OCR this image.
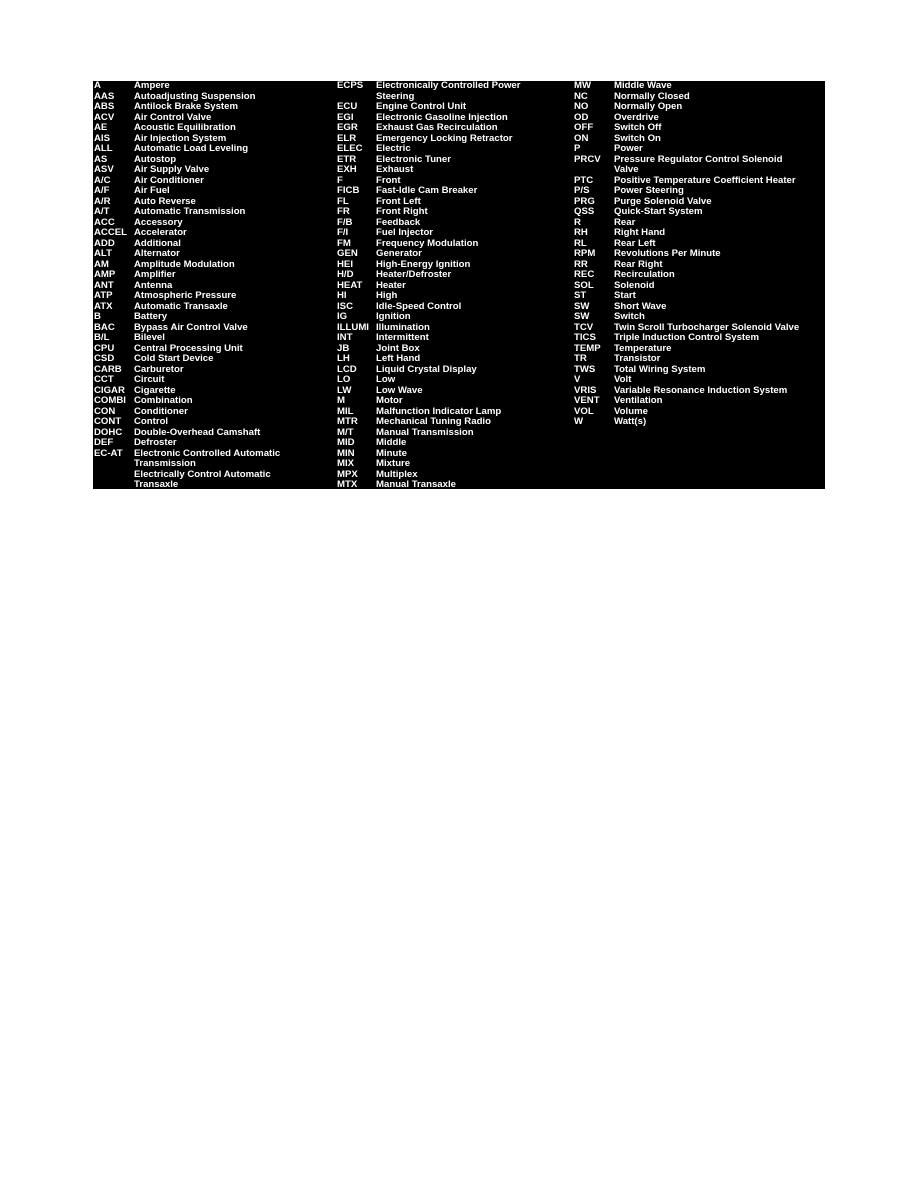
A	Ampere
AAS Autoadjusting Suspension
ABS Antilock Brake System
ACV Air Control Valve
AE	Acoustic Equilibration
AIS	Air Injection System
ALL Automatic Load Leveling
AS	Autostop
ASV Air Supply Valve
A/C Air Conditioner
A/F	Air Fuel
A/R Auto Reverse
A/T	Automatic Transmission
ACC Accessory
ACCEL Accelerator
ADD Additional
ALT Alternator
AM	Amplitude Modulation
AMP Amplifier
ANT Antenna
ATP Atmospheric Pressure
ATX Automatic Transaxle
B	Battery
BAC Bypass Air Control Valve
B/L	Bilevel
CPU Central Processing Unit
CSD Cold Start Device
CARB Carburetor
CCT Circuit
CIGAR Cigarette
COMBI Combination
CON Conditioner
CONT Control
DOHC Double-Overhead Camshaft
DEF Defroster
EC-AT Electronic Controlled Automatic
Transmission
Electrically Control Automatic
Transaxle
ECPS Electronically Controlled Power
Steering
ECU Engine Control Unit
EGI Electronic Gasoline Injection
EGR Exhaust Gas Recirculation
ELR Emergency Locking Retractor
ELEC Electric
ETR Electronic Tuner
EXH Exhaust
F	Front
FICB Fast-Idle Cam Breaker
FL	Front Left
FR	Front Right
F/B Feedback
F/I	Fuel Injector
FM	Frequency Modulation
GEN Generator
HEI High-Energy Ignition
H/D Heater/Defroster
HEAT Heater
HI	High
ISC Idle-Speed Control
IG	Ignition
ILLUMI Illumination
INT Intermittent
JB	Joint Box
LH	Left Hand
LCD Liquid Crystal Display
LO	Low
LW	Low Wave
M	Motor
MIL Malfunction Indicator Lamp
MTR Mechanical Tuning Radio
M/T Manual Transmission
MID Middle
MIN Minute
MIX Mixture
MPX Multiplex
MTX Manual Transaxle
MW Middle Wave
NC	Normally Closed
NO	Normally Open
OD	Overdrive
OFF Switch Off
ON	Switch On
P	Power
PRCV Pressure Regulator Control Solenoid
Valve
PTC Positive Temperature Coefficient Heater
P/S	Power Steering
PRG Purge Solenoid Valve
QSS Quick-Start System
R	Rear
RH	Right Hand
RL	Rear Left
RPM Revolutions Per Minute
RR	Rear Right
REC Recirculation
SOL Solenoid
ST	Start
SW	Short Wave
SW	Switch
TCV Twin Scroll Turbocharger Solenoid Valve
TICS Triple Induction Control System
TEMP Temperature
TR	Transistor
TWS Total Wiring System
V	Volt
VRIS Variable Resonance Induction System
VENT Ventilation
VOL Volume
W	Watt(s)
